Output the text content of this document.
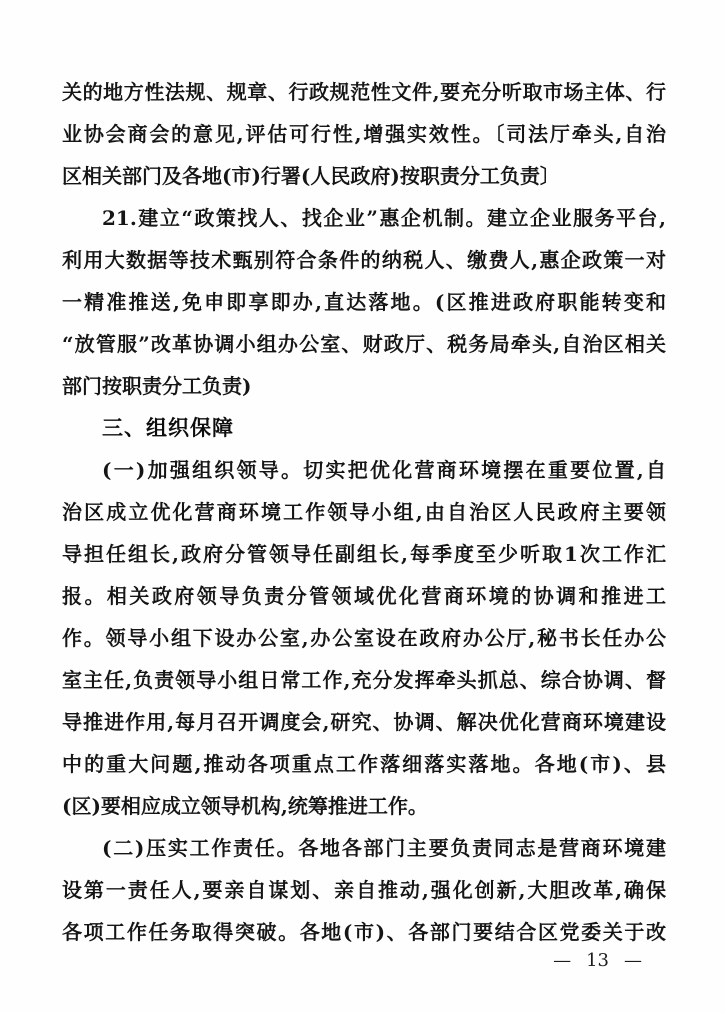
关的地方性法规、规章、行政规范性文件,要充分听取市场主体、行
业协会商会的意见,评估可行性,增强实效性。〔司法厅牵头,自治
区相关部门及各地(市)行署(人民政府)按职责分工负责〕
21.建立“政策找人、找企业”惠企机制。建立企业服务平台,
利用大数据等技术甄别符合条件的纳税人、缴费人,惠企政策一对
一精准推送,免申即享即办,直达落地。(区推进政府职能转变和
“放管服”改革协调小组办公室、财政厅、税务局牵头,自治区相关
部门按职责分工负责)
三、组织保障
(一)加强组织领导。切实把优化营商环境摆在重要位置,自
治区成立优化营商环境工作领导小组,由自治区人民政府主要领
导担任组长,政府分管领导任副组长,每季度至少听取1次工作汇
报。相关政府领导负责分管领域优化营商环境的协调和推进工
作。领导小组下设办公室,办公室设在政府办公厅,秘书长任办公
室主任,负责领导小组日常工作,充分发挥牵头抓总、综合协调、督
导推进作用,每月召开调度会,研究、协调、解决优化营商环境建设
中的重大问题,推动各项重点工作落细落实落地。各地(市)、县
(区)要相应成立领导机构,统筹推进工作。
(二)压实工作责任。各地各部门主要负责同志是营商环境建
设第一责任人,要亲自谋划、亲自推动,强化创新,大胆改革,确保
各项工作任务取得突破。各地(市)、各部门要结合区党委关于改
— 13 —
